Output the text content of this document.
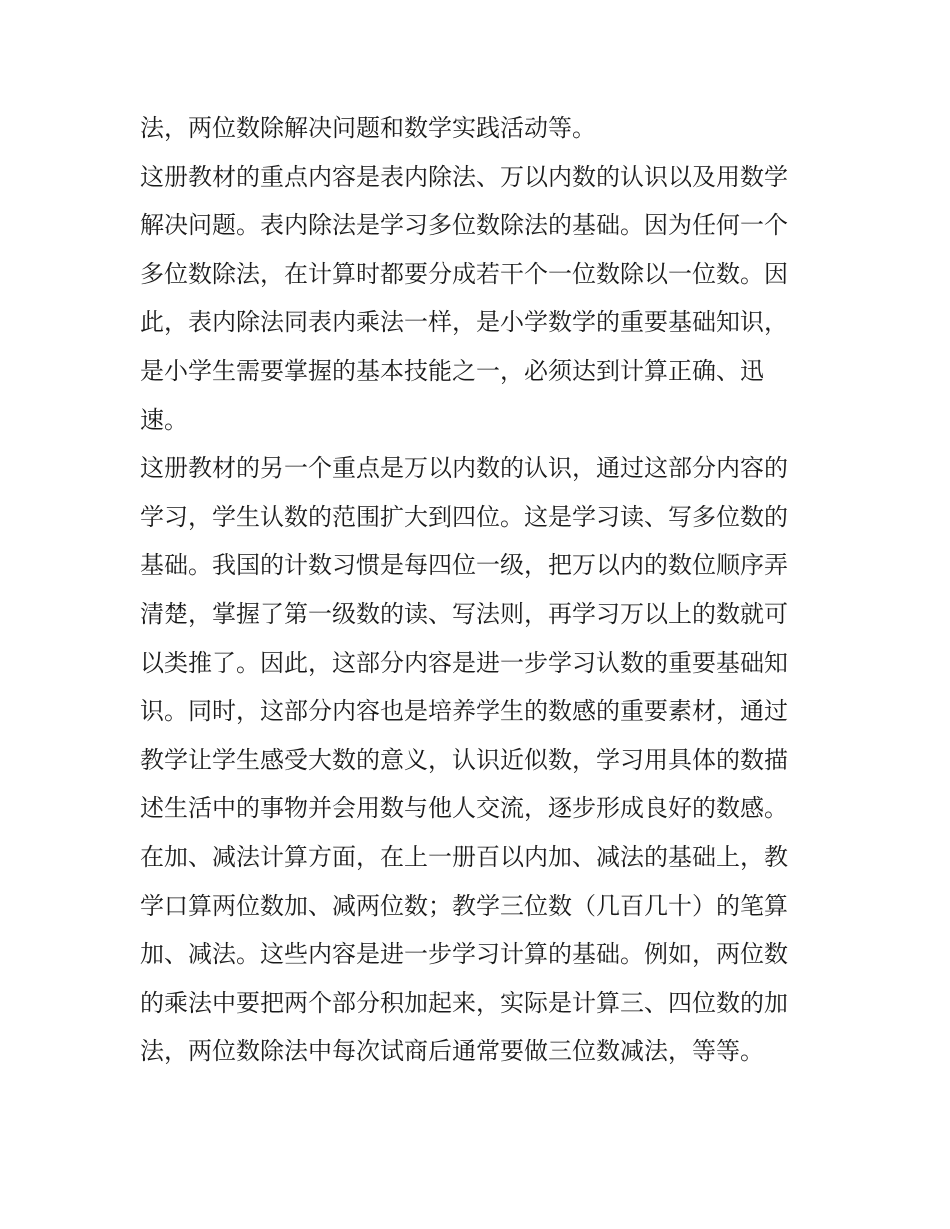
法，两位数除解决问题和数学实践活动等。
这册教材的重点内容是表内除法、万以内数的认识以及用数学
解决问题。表内除法是学习多位数除法的基础。因为任何一个
多位数除法，在计算时都要分成若干个一位数除以一位数。因
此，表内除法同表内乘法一样，是小学数学的重要基础知识，
是小学生需要掌握的基本技能之一，必须达到计算正确、迅
速。
这册教材的另一个重点是万以内数的认识，通过这部分内容的
学习，学生认数的范围扩大到四位。这是学习读、写多位数的
基础。我国的计数习惯是每四位一级，把万以内的数位顺序弄
清楚，掌握了第一级数的读、写法则，再学习万以上的数就可
以类推了。因此，这部分内容是进一步学习认数的重要基础知
识。同时，这部分内容也是培养学生的数感的重要素材，通过
教学让学生感受大数的意义，认识近似数，学习用具体的数描
述生活中的事物并会用数与他人交流，逐步形成良好的数感。
在加、减法计算方面，在上一册百以内加、减法的基础上，教
学口算两位数加、减两位数；教学三位数（几百几十）的笔算
加、减法。这些内容是进一步学习计算的基础。例如，两位数
的乘法中要把两个部分积加起来，实际是计算三、四位数的加
法，两位数除法中每次试商后通常要做三位数减法，等等。
